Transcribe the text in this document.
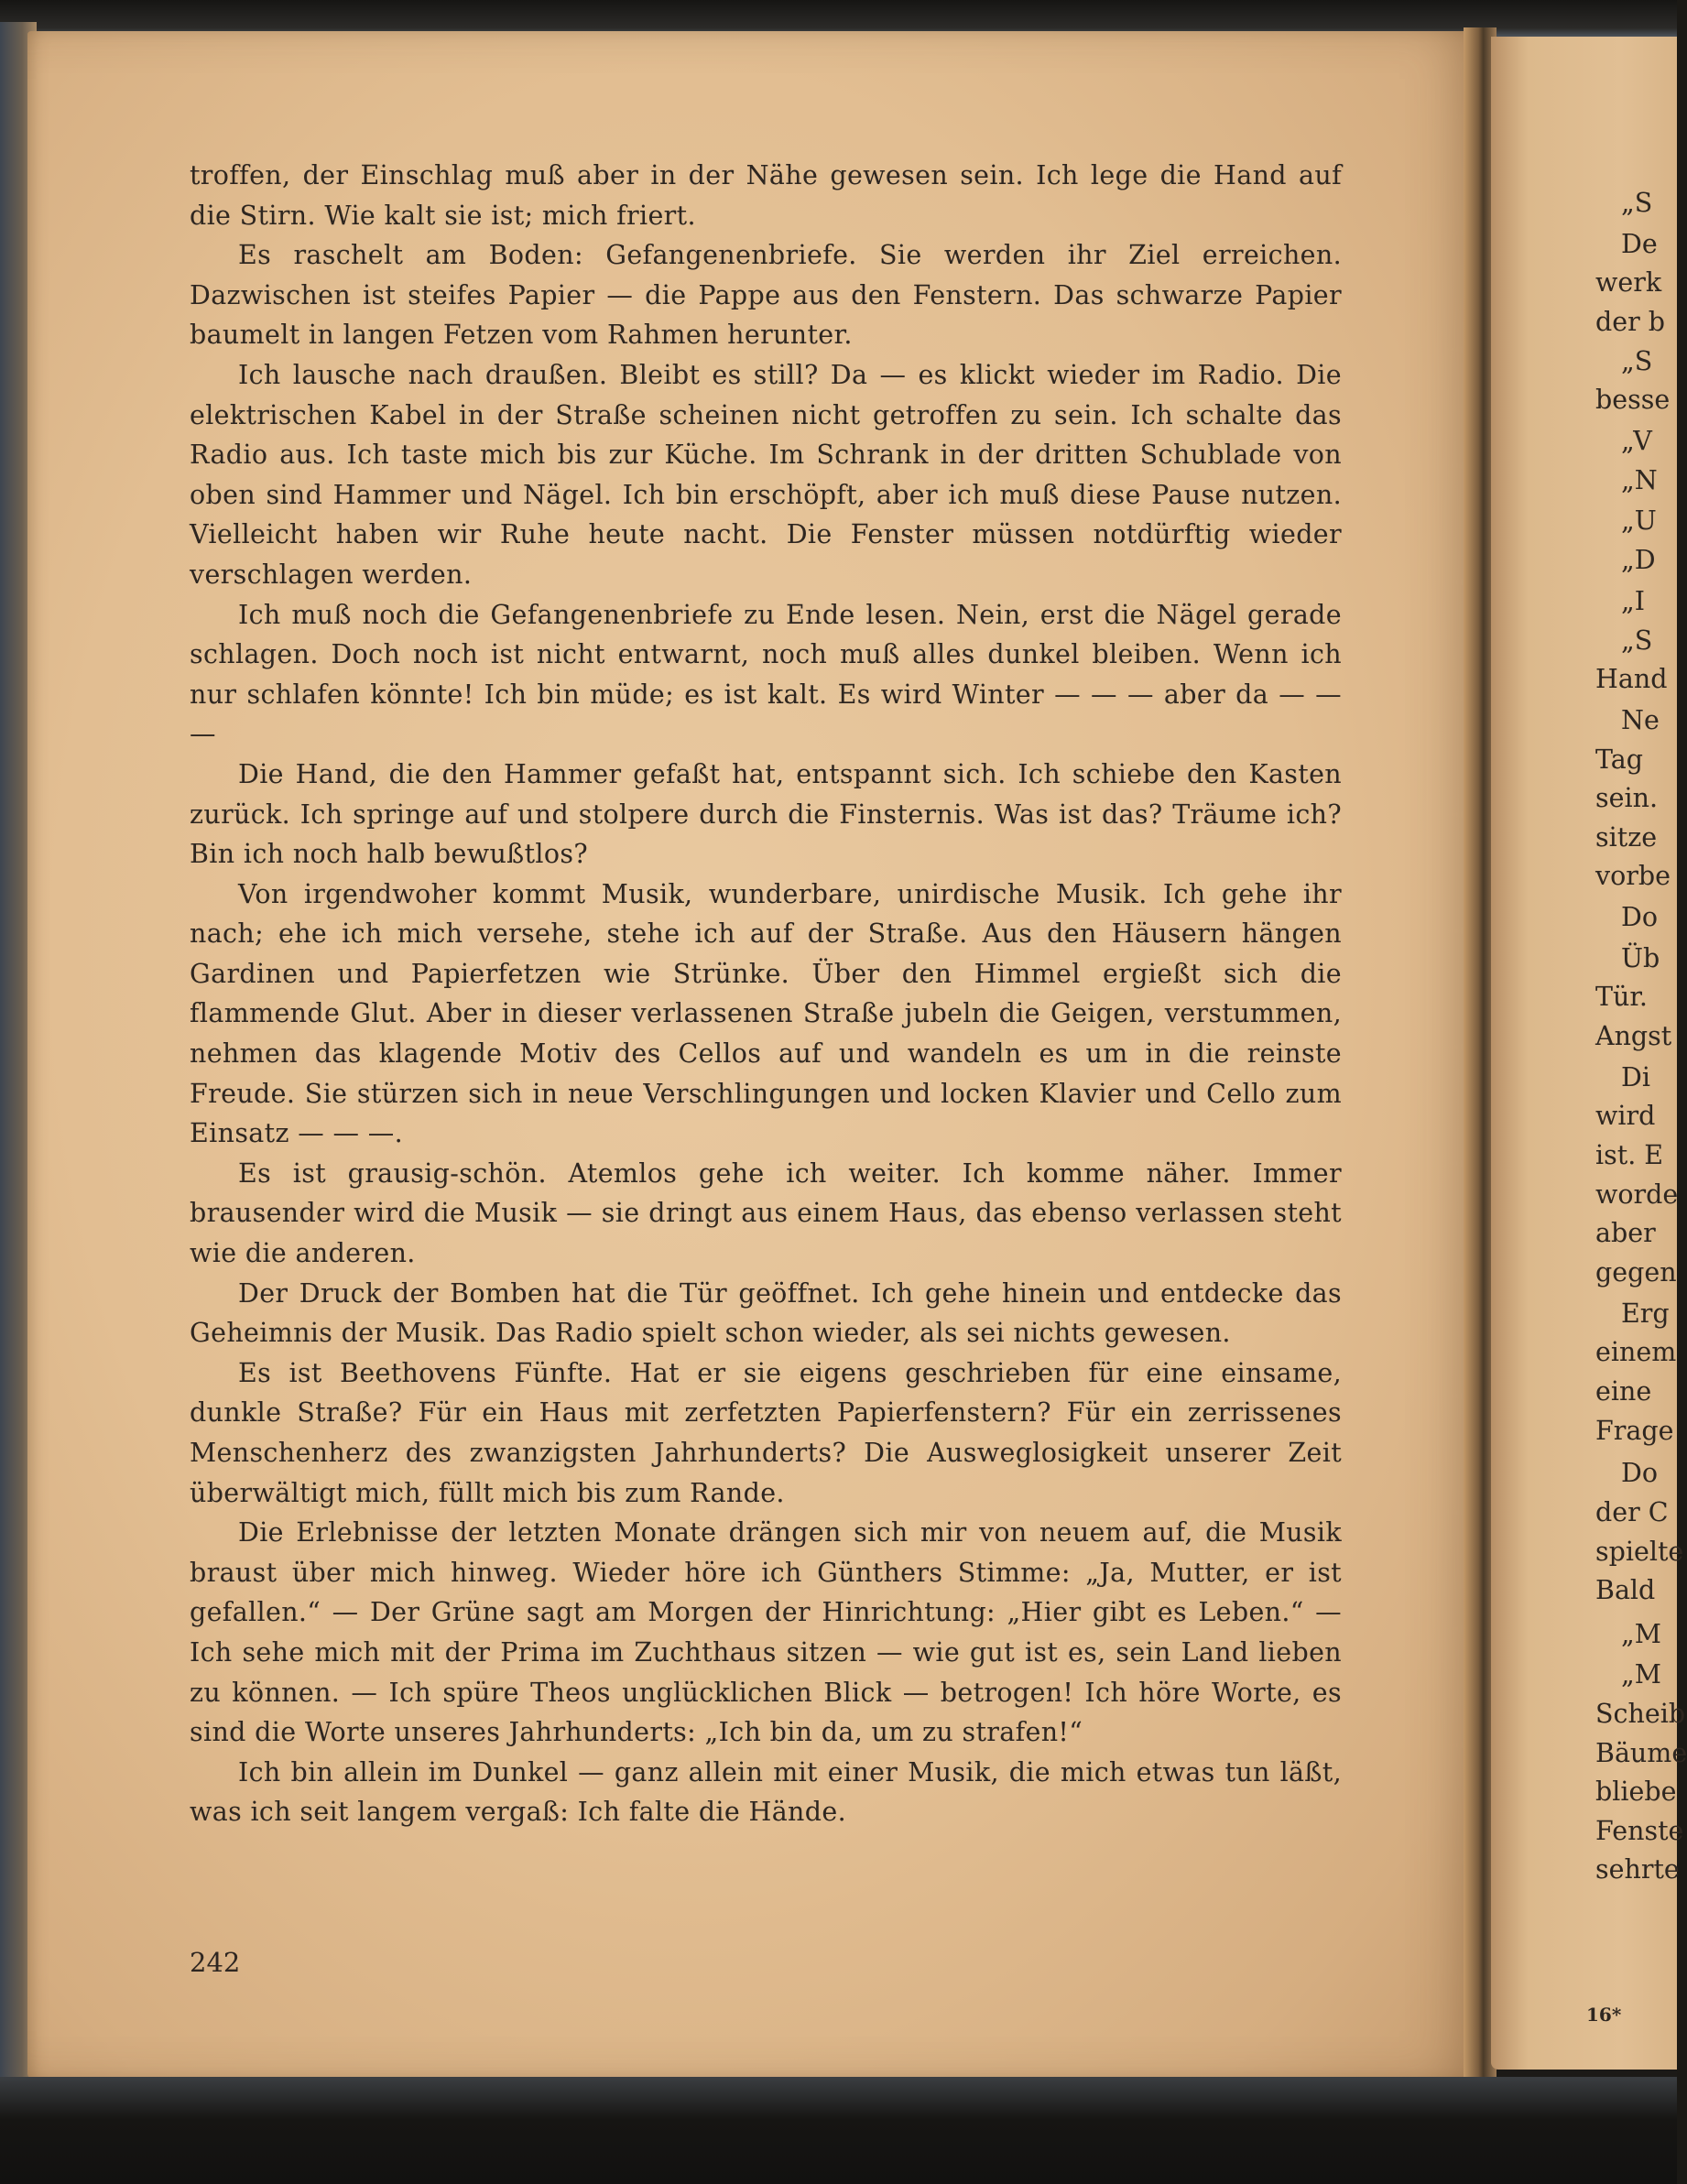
troffen, der Einschlag muß aber in der Nähe gewesen sein. Ich lege die Hand auf die Stirn. Wie kalt sie ist; mich friert.

Es raschelt am Boden: Gefangenenbriefe. Sie werden ihr Ziel erreichen. Dazwischen ist steifes Papier — die Pappe aus den Fenstern. Das schwarze Papier baumelt in langen Fetzen vom Rahmen herunter.

Ich lausche nach draußen. Bleibt es still? Da — es klickt wieder im Radio. Die elektrischen Kabel in der Straße scheinen nicht getroffen zu sein. Ich schalte das Radio aus. Ich taste mich bis zur Küche. Im Schrank in der dritten Schublade von oben sind Hammer und Nägel. Ich bin erschöpft, aber ich muß diese Pause nutzen. Vielleicht haben wir Ruhe heute nacht. Die Fenster müssen notdürftig wieder verschlagen werden.

Ich muß noch die Gefangenenbriefe zu Ende lesen. Nein, erst die Nägel gerade schlagen. Doch noch ist nicht entwarnt, noch muß alles dunkel bleiben. Wenn ich nur schlafen könnte! Ich bin müde; es ist kalt. Es wird Winter — — — aber da — — —

Die Hand, die den Hammer gefaßt hat, entspannt sich. Ich schiebe den Kasten zurück. Ich springe auf und stolpere durch die Finsternis. Was ist das? Träume ich? Bin ich noch halb bewußtlos?

Von irgendwoher kommt Musik, wunderbare, unirdische Musik. Ich gehe ihr nach; ehe ich mich versehe, stehe ich auf der Straße. Aus den Häusern hängen Gardinen und Papierfetzen wie Strünke. Über den Himmel ergießt sich die flammende Glut. Aber in dieser verlassenen Straße jubeln die Geigen, verstummen, nehmen das klagende Motiv des Cellos auf und wandeln es um in die reinste Freude. Sie stürzen sich in neue Verschlingungen und locken Klavier und Cello zum Einsatz — — —.

Es ist grausig-schön. Atemlos gehe ich weiter. Ich komme näher. Immer brausender wird die Musik — sie dringt aus einem Haus, das ebenso verlassen steht wie die anderen.

Der Druck der Bomben hat die Tür geöffnet. Ich gehe hinein und entdecke das Geheimnis der Musik. Das Radio spielt schon wieder, als sei nichts gewesen.

Es ist Beethovens Fünfte. Hat er sie eigens geschrieben für eine einsame, dunkle Straße? Für ein Haus mit zerfetzten Papierfenstern? Für ein zerrissenes Menschenherz des zwanzigsten Jahrhunderts? Die Ausweglosigkeit unserer Zeit überwältigt mich, füllt mich bis zum Rande.

Die Erlebnisse der letzten Monate drängen sich mir von neuem auf, die Musik braust über mich hinweg. Wieder höre ich Günthers Stimme: „Ja, Mutter, er ist gefallen.“ — Der Grüne sagt am Morgen der Hinrichtung: „Hier gibt es Leben.“ — Ich sehe mich mit der Prima im Zuchthaus sitzen — wie gut ist es, sein Land lieben zu können. — Ich spüre Theos unglücklichen Blick — betrogen! Ich höre Worte, es sind die Worte unseres Jahrhunderts: „Ich bin da, um zu strafen!“

Ich bin allein im Dunkel — ganz allein mit einer Musik, die mich etwas tun läßt, was ich seit langem vergaß: Ich falte die Hände.

242
„S
De
werk
der b
„S
besse
„V
„N
„U
„D
„I
„S
Hand
Ne
Tag
sein.
sitze
vorbe
Do
Üb
Tür.
Angst
Di
wird
ist. E
worde
aber
gegen
Erg
einem
eine
Frage
Do
der C
spielte
Bald
„M
„M
Scheib
Bäume
bliebe
Fenste
sehrte
16*
